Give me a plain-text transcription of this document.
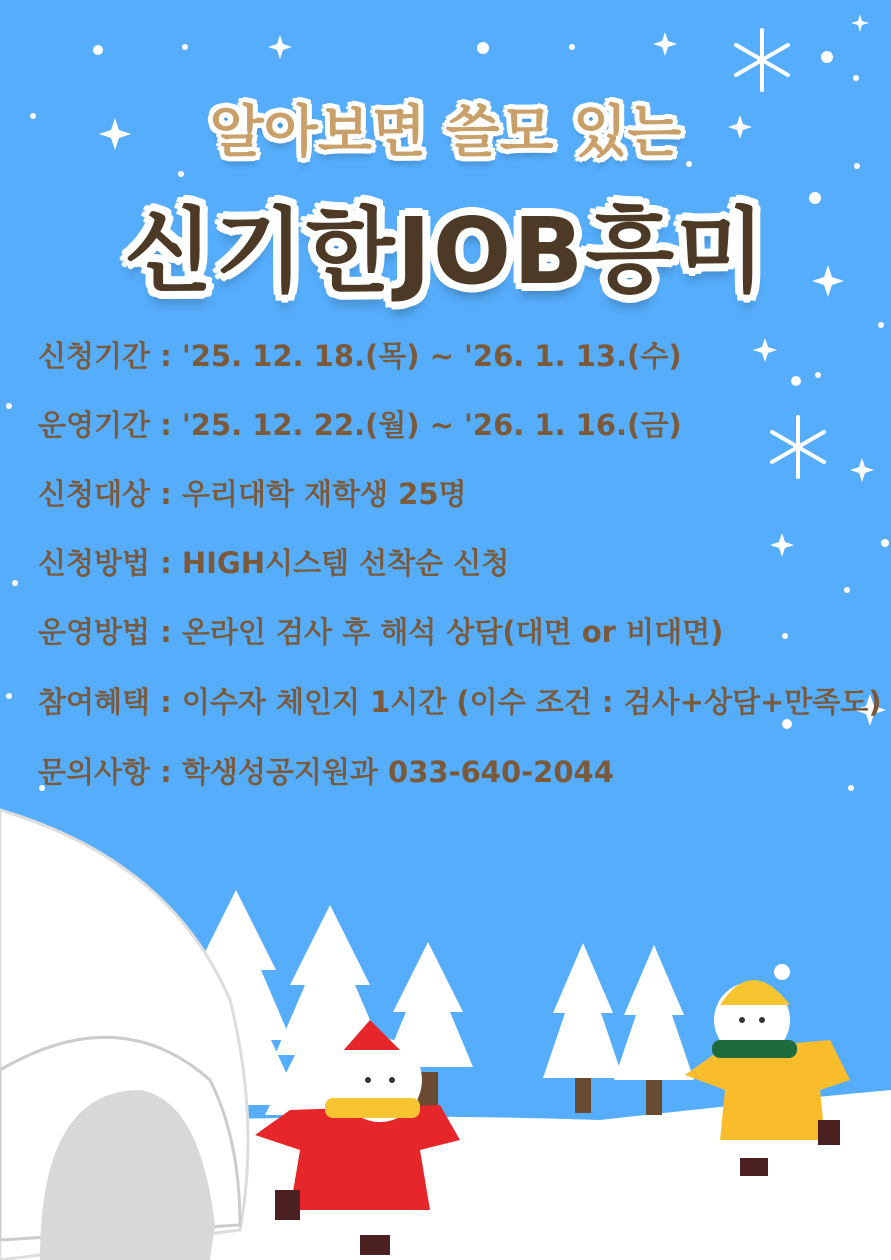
알아보면 쓸모 있는
신기한JOB흥미
신청기간 : '25. 12. 18.(목) ~ '26. 1. 13.(수)
운영기간 : '25. 12. 22.(월) ~ '26. 1. 16.(금)
신청대상 : 우리대학 재학생 25명
신청방법 : HIGH시스템 선착순 신청
운영방법 : 온라인 검사 후 해석 상담(대면 or 비대면)
참여혜택 : 이수자 체인지 1시간 (이수 조건 : 검사+상담+만족도)
문의사항 : 학생성공지원과 033-640-2044
